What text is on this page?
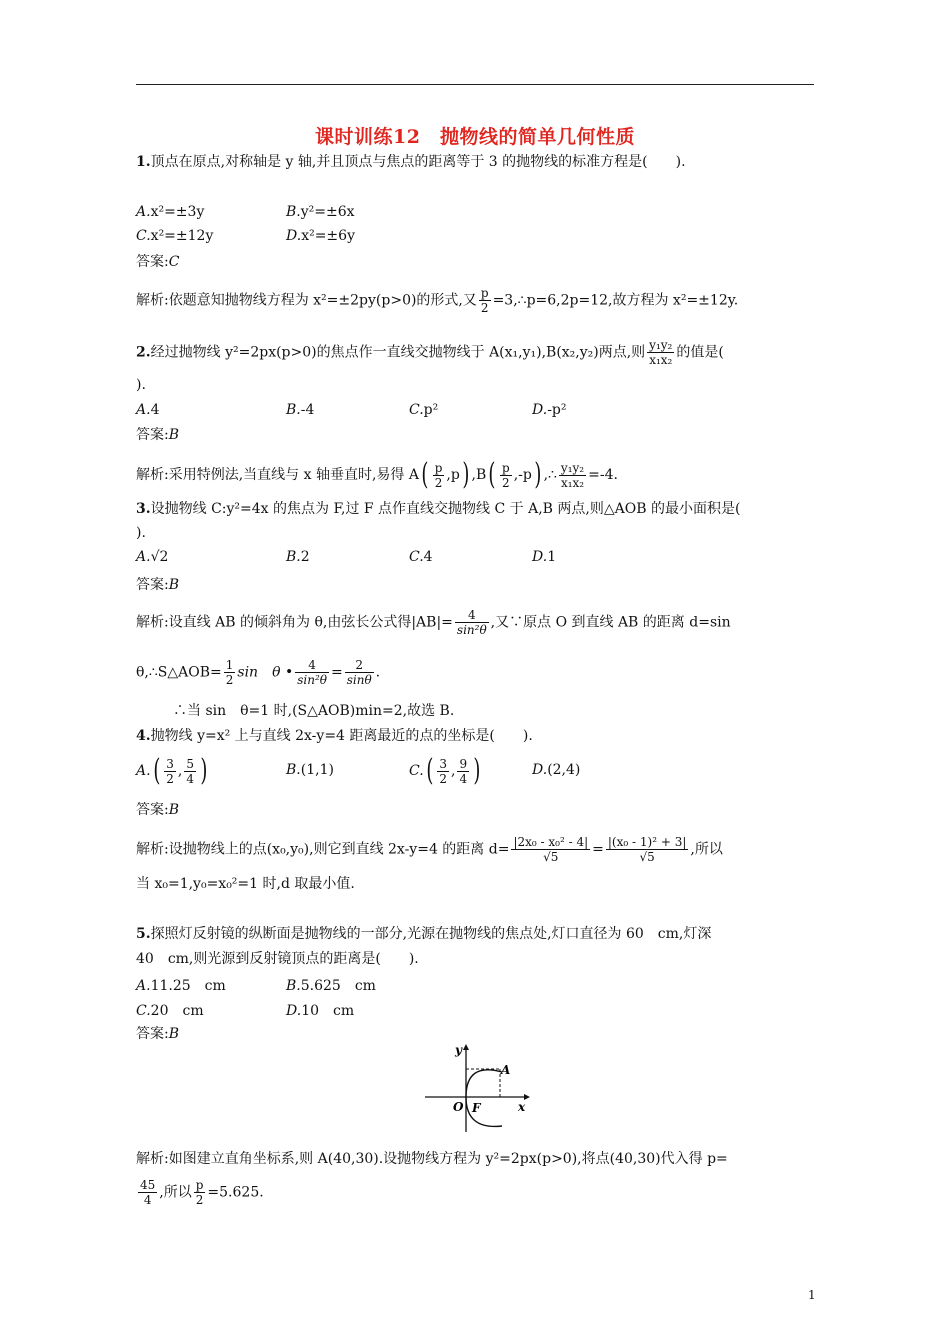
课时训练12　抛物线的简单几何性质
1.顶点在原点,对称轴是 y 轴,并且顶点与焦点的距离等于 3 的抛物线的标准方程是(　　).
A.x²=±3y	B.y²=±6x
C.x²=±12y	D.x²=±6y
答案:C
解析:依题意知抛物线方程为 x²=±2py(p>0)的形式,又 $\frac{p}{2}$ =3,∴p=6,2p=12,故方程为 x²=±12y.
2.经过抛物线 y²=2px(p>0)的焦点作一直线交抛物线于 A(x₁,y₁),B(x₂,y₂)两点,则 $\frac{\text{y₁y₂}}{\text{x₁x₂}}$ 的值是(
).
A.4	B.-4	C.p²	D.-p²
答案:B
解析:采用特例法,当直线与 x 轴垂直时,易得 $A( \frac{p}{2} ,p)$ $,B( \frac{p}{2} ,-p)$ ,∴ $\frac{\text{y₁y₂}}{\text{x₁x₂}} =-4$.
3.设抛物线 C:y²=4x 的焦点为 F,过 F 点作直线交抛物线 C 于 A,B 两点,则△AOB 的最小面积是(
).
A.√2	B.2	C.4	D.1
答案:B
解析:设直线 AB 的倾斜角为 θ,由弦长公式得$|AB|= \frac{4}{\text{sin²θ}}$ ,又∵原点 O 到直线 AB 的距离 d=sin
θ,∴S△AOB= $\frac{1}{2}$ sin　θ • $\frac{4}{\text{sin²θ}} = \frac{2}{\sin\theta}$ .
∴当 sin　θ=1 时,(S△AOB)min=2,故选 B.
4.抛物线 y=x² 上与直线 2x-y=4 距离最近的点的坐标是(　　).
$A.( \frac{3}{2}$ , $\frac{5}{4}$ )	B.(1,1)	$C.( \frac{3}{2}$ , $\frac{9}{4}$ )	D.(2,4)
答案:B
解析:设抛物线上的点(x₀,y₀),则它到直线 2x-y=4 的距离 $d= \frac{\text{|2x₀ - x₀² - 4|}}{√5} = \frac{\text{|(x₀ - 1)² + 3|}}{√5}$ ,所以
当 x₀=1,y₀=x₀²=1 时,d 取最小值.
5.探照灯反射镜的纵断面是抛物线的一部分,光源在抛物线的焦点处,灯口直径为 60　cm,灯深
40　cm,则光源到反射镜顶点的距离是(　　).
A.11.25　cm	B.5.625　cm
C.20　cm	D.10　cm
答案:B
y
x
O F
A
解析:如图建立直角坐标系,则 A(40,30).设抛物线方程为 y²=2px(p>0),将点(40,30)代入得 p=
$\frac{45}{4}$ ,所以 $\frac{p}{2} =5.625$.
1
